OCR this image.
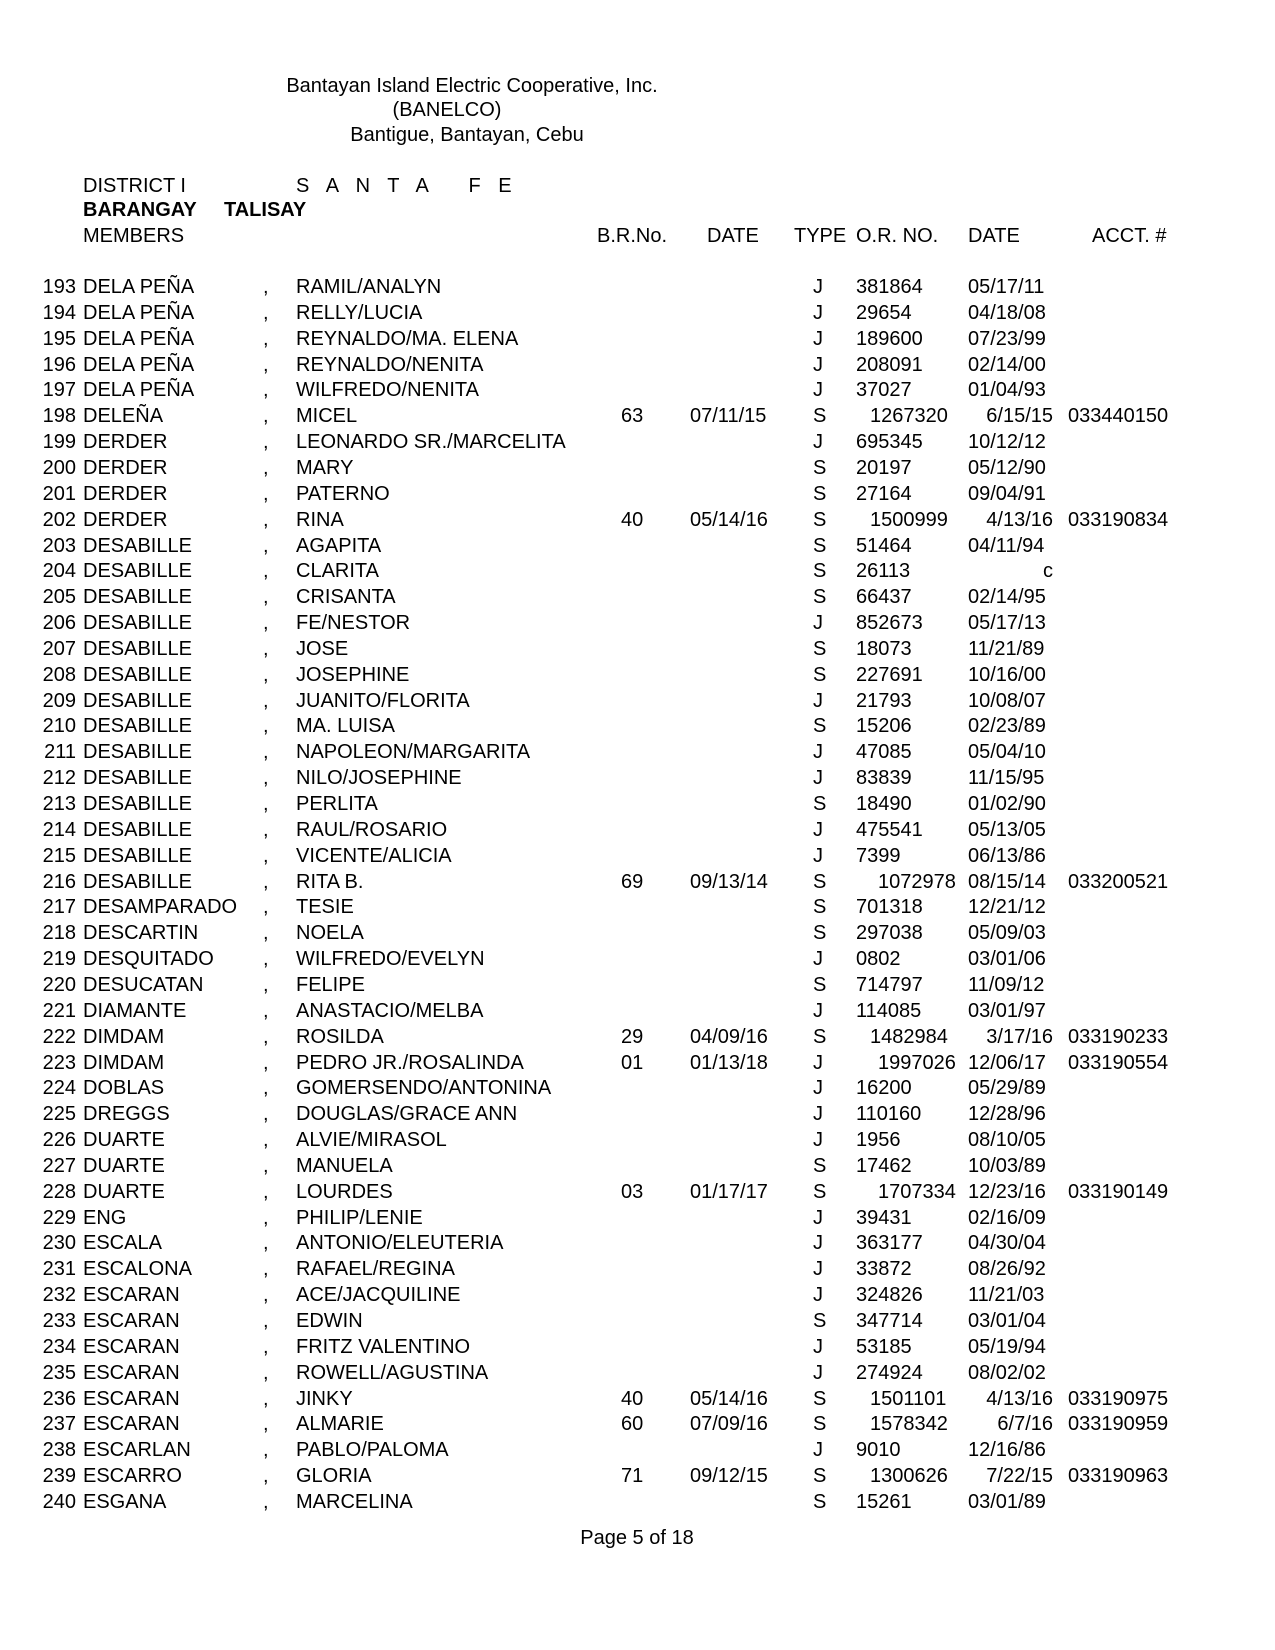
Bantayan Island Electric Cooperative, Inc.
(BANELCO)
Bantigue, Bantayan, Cebu
DISTRICT I	S A N T A   F E
BARANGAY TALISAY
MEMBERS	B.R.No. DATE TYPE O.R. NO. DATE	ACCT. #
193 DELA PEÑA	,	RAMIL/ANALYN	J	381864	05/17/11
194 DELA PEÑA	,	RELLY/LUCIA	J	29654	04/18/08
195 DELA PEÑA	,	REYNALDO/MA. ELENA	J	189600	07/23/99
196 DELA PEÑA	,	REYNALDO/NENITA	J	208091	02/14/00
197 DELA PEÑA	,	WILFREDO/NENITA	J	37027	01/04/93
198 DELEÑA	,	MICEL	63	07/11/15	S	1267320	6/15/15 033440150
199 DERDER	,	LEONARDO SR./MARCELITA	J	695345	10/12/12
200 DERDER	,	MARY	S	20197	05/12/90
201 DERDER	,	PATERNO	S	27164	09/04/91
202 DERDER	,	RINA	40	05/14/16	S	1500999	4/13/16 033190834
203 DESABILLE	,	AGAPITA	S	51464	04/11/94
204 DESABILLE	,	CLARITA	S	26113	c
205 DESABILLE	,	CRISANTA	S	66437	02/14/95
206 DESABILLE	,	FE/NESTOR	J	852673	05/17/13
207 DESABILLE	,	JOSE	S	18073	11/21/89
208 DESABILLE	,	JOSEPHINE	S	227691	10/16/00
209 DESABILLE	,	JUANITO/FLORITA	J	21793	10/08/07
210 DESABILLE	,	MA. LUISA	S	15206	02/23/89
211 DESABILLE	,	NAPOLEON/MARGARITA	J	47085	05/04/10
212 DESABILLE	,	NILO/JOSEPHINE	J	83839	11/15/95
213 DESABILLE	,	PERLITA	S	18490	01/02/90
214 DESABILLE	,	RAUL/ROSARIO	J	475541	05/13/05
215 DESABILLE	,	VICENTE/ALICIA	J	7399	06/13/86
216 DESABILLE	,	RITA B.	69	09/13/14	S	1072978 08/15/14	033200521
217 DESAMPARADO	,	TESIE	S	701318	12/21/12
218 DESCARTIN	,	NOELA	S	297038	05/09/03
219 DESQUITADO	,	WILFREDO/EVELYN	J	0802	03/01/06
220 DESUCATAN	,	FELIPE	S	714797	11/09/12
221 DIAMANTE	,	ANASTACIO/MELBA	J	114085	03/01/97
222 DIMDAM	,	ROSILDA	29	04/09/16	S	1482984	3/17/16 033190233
223 DIMDAM	,	PEDRO JR./ROSALINDA	01	01/13/18	J	1997026 12/06/17	033190554
224 DOBLAS	,	GOMERSENDO/ANTONINA	J	16200	05/29/89
225 DREGGS	,	DOUGLAS/GRACE ANN	J	110160	12/28/96
226 DUARTE	,	ALVIE/MIRASOL	J	1956	08/10/05
227 DUARTE	,	MANUELA	S	17462	10/03/89
228 DUARTE	,	LOURDES	03	01/17/17	S	1707334 12/23/16	033190149
229 ENG	,	PHILIP/LENIE	J	39431	02/16/09
230 ESCALA	,	ANTONIO/ELEUTERIA	J	363177	04/30/04
231 ESCALONA	,	RAFAEL/REGINA	J	33872	08/26/92
232 ESCARAN	,	ACE/JACQUILINE	J	324826	11/21/03
233 ESCARAN	,	EDWIN	S	347714	03/01/04
234 ESCARAN	,	FRITZ VALENTINO	J	53185	05/19/94
235 ESCARAN	,	ROWELL/AGUSTINA	J	274924	08/02/02
236 ESCARAN	,	JINKY	40	05/14/16	S	1501101	4/13/16 033190975
237 ESCARAN	,	ALMARIE	60	07/09/16	S	1578342	6/7/16 033190959
238 ESCARLAN	,	PABLO/PALOMA	J	9010	12/16/86
239 ESCARRO	,	GLORIA	71	09/12/15	S	1300626	7/22/15 033190963
240 ESGANA	,	MARCELINA	S	15261	03/01/89
Page 5 of 18
